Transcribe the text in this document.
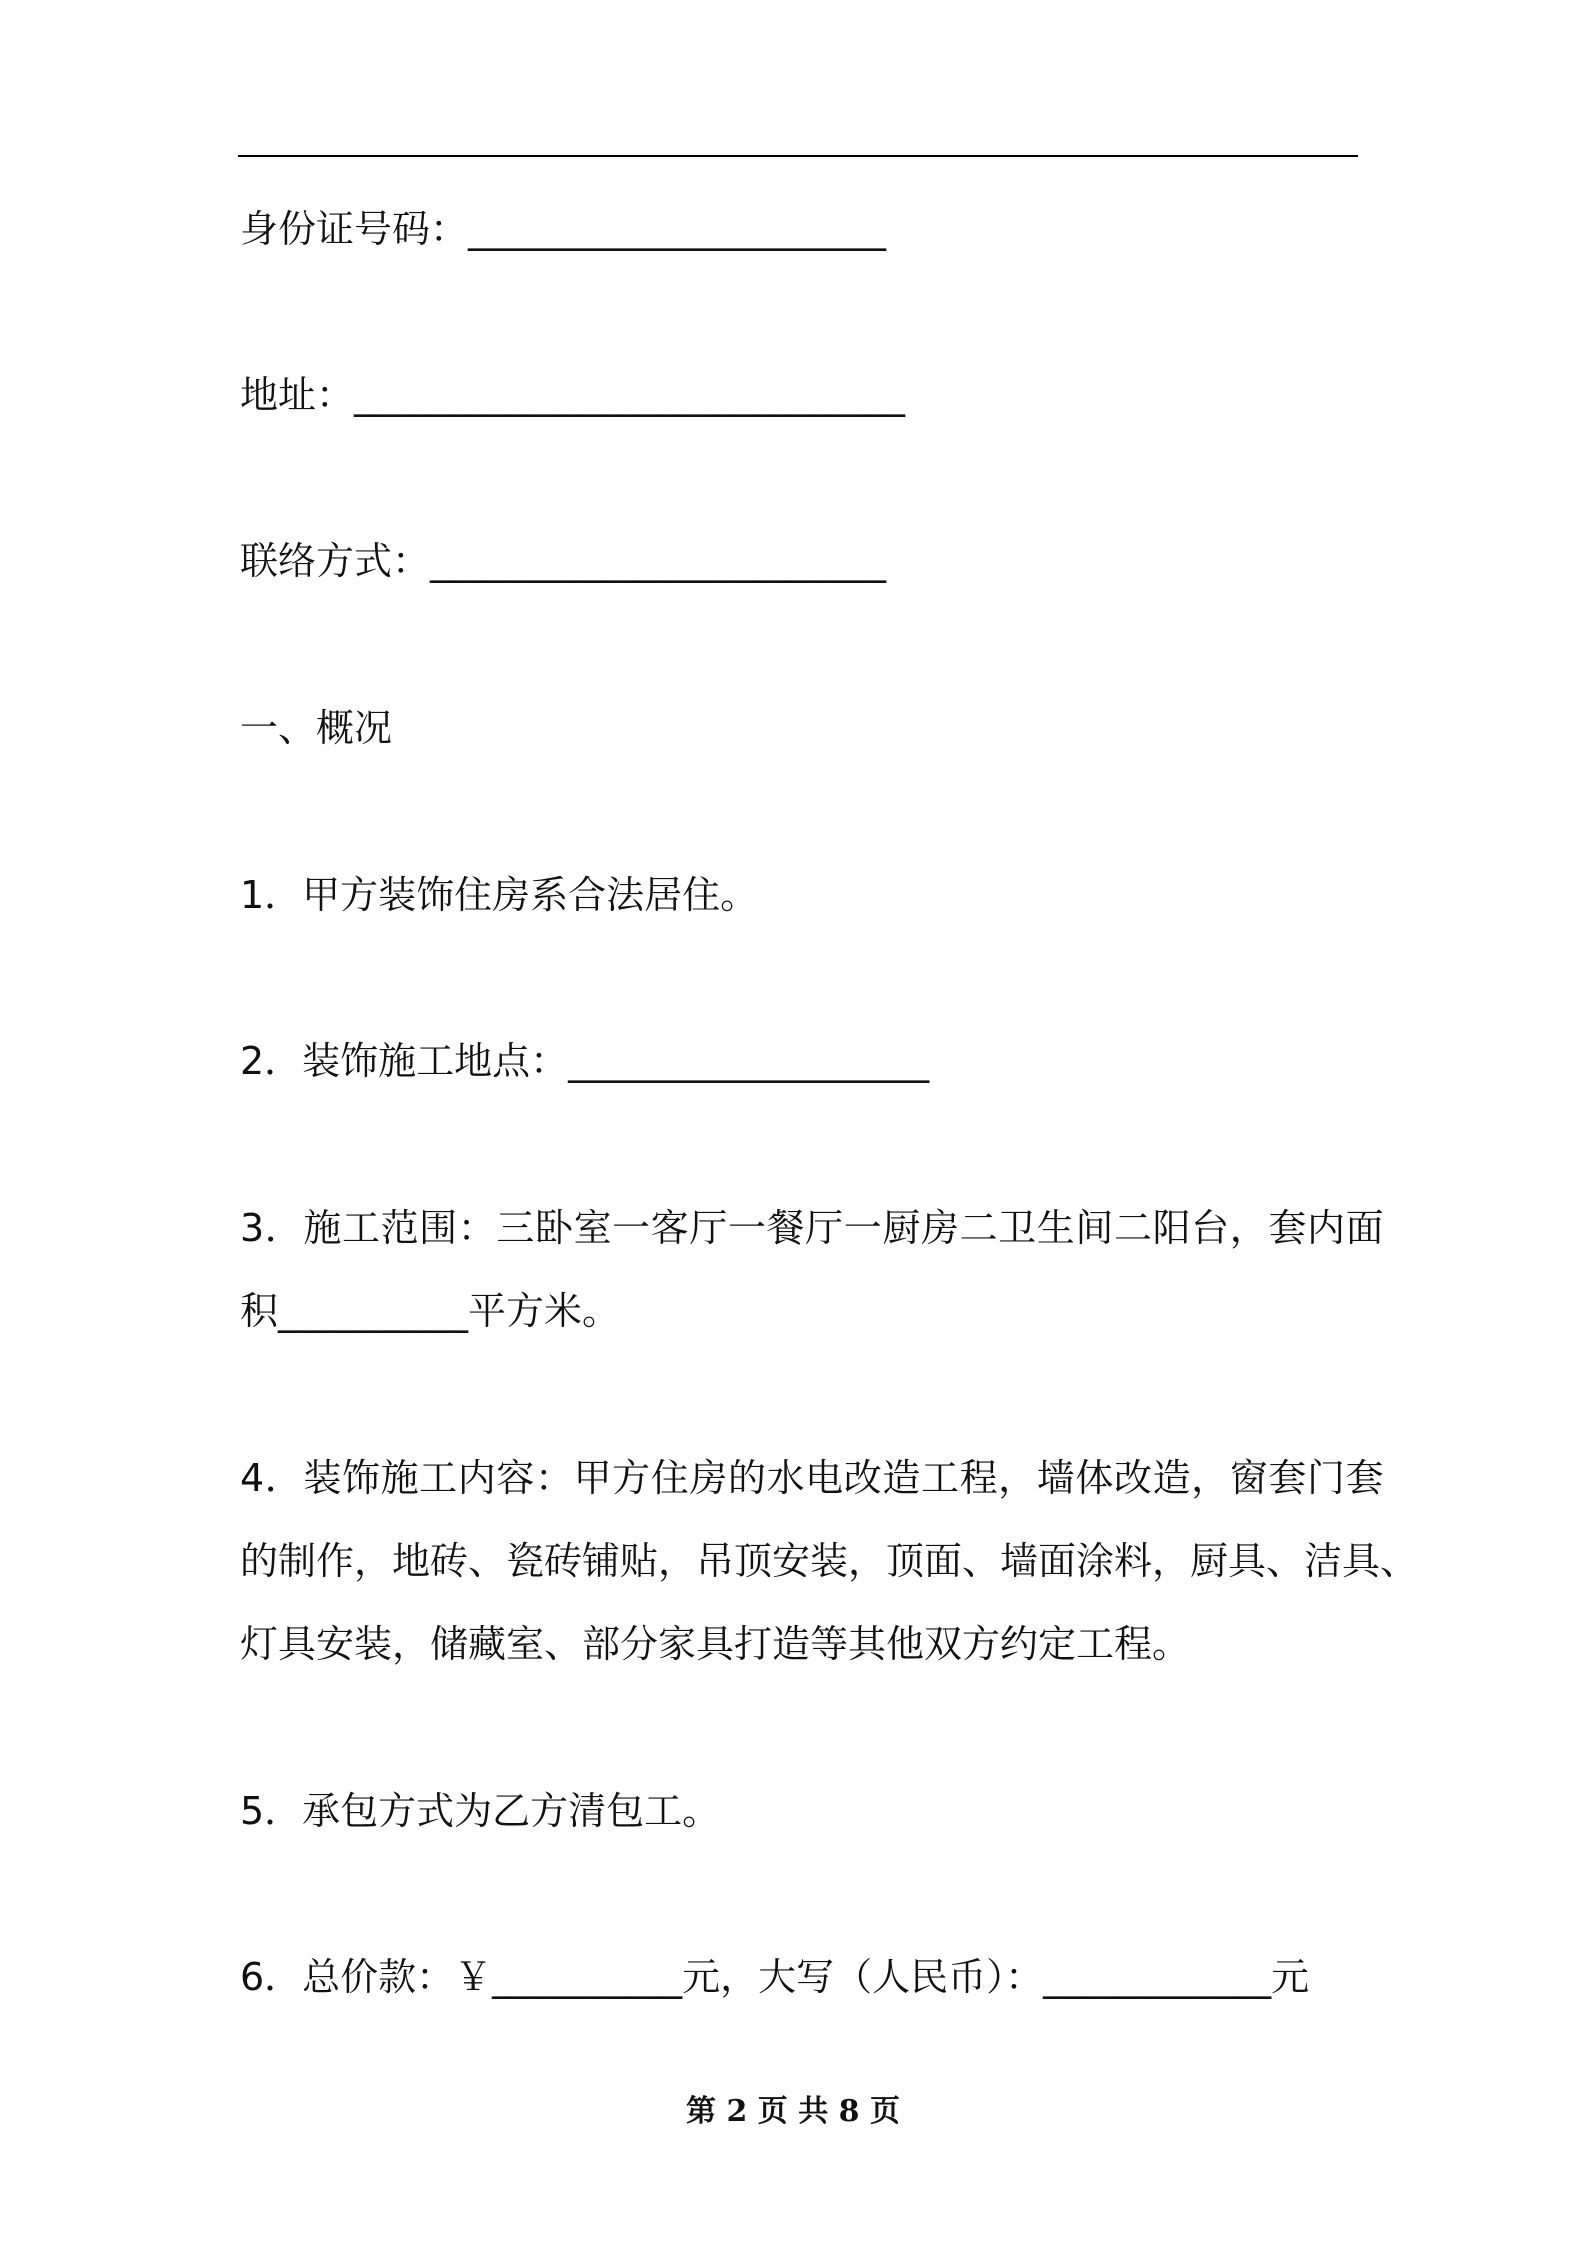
身份证号码：______________________
地址：_____________________________
联络方式：________________________
一、概况
1．甲方装饰住房系合法居住。
2．装饰施工地点：___________________
3．施工范围：三卧室一客厅一餐厅一厨房二卫生间二阳台，套内面
积__________平方米。
4．装饰施工内容：甲方住房的水电改造工程，墙体改造，窗套门套
的制作，地砖、瓷砖铺贴，吊顶安装，顶面、墙面涂料，厨具、洁具、
灯具安装，储藏室、部分家具打造等其他双方约定工程。
5．承包方式为乙方清包工。
6．总价款：￥__________元，大写（人民币）：____________元
第 2 页 共 8 页
